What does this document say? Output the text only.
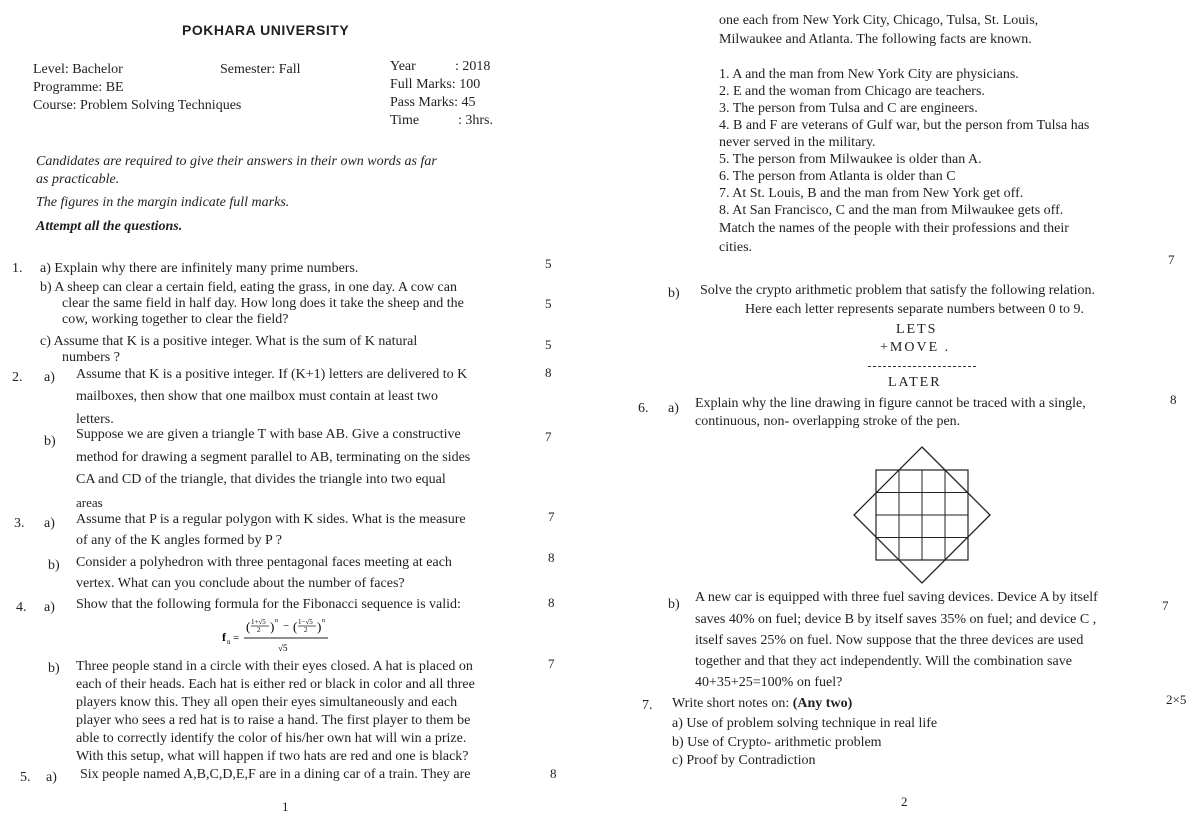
POKHARA UNIVERSITY
Level: Bachelor	Semester: Fall
Programme: BE
Course: Problem Solving Techniques
Year	: 2018
Full Marks: 100
Pass Marks: 45
Time	: 3hrs.
Candidates are required to give their answers in their own words as far
as practicable.
The figures in the margin indicate full marks.
Attempt all the questions.
1. a) Explain why there are infinitely many prime numbers.	5
b) A sheep can clear a certain field, eating the grass, in one day. A cow can
clear the same field in half day. How long does it take the sheep and the
cow, working together to clear the field?
5
c) Assume that K is a positive integer. What is the sum of K natural
numbers ?
5
2. a) Assume that K is a positive integer. If (K+1) letters are delivered to K
mailboxes, then show that one mailbox must contain at least two
letters.
8
b) Suppose we are given a triangle T with base AB. Give a constructive
method for drawing a segment parallel to AB, terminating on the sides
CA and CD of the triangle, that divides the triangle into two equal
areas
7
3. a) Assume that P is a regular polygon with K sides. What is the measure
of any of the K angles formed by P ?
7
b) Consider a polyhedron with three pentagonal faces meeting at each
vertex. What can you conclude about the number of faces?
8
4. a) Show that the following formula for the Fibonacci sequence is valid:	8
f n =
( 1+√5
2 ) n − ( 1−√5
2 ) n
√5
b) Three people stand in a circle with their eyes closed. A hat is placed on
each of their heads. Each hat is either red or black in color and all three
players know this. They all open their eyes simultaneously and each
player who sees a red hat is to raise a hand. The first player to them be
able to correctly identify the color of his/her own hat will win a prize.
With this setup, what will happen if two hats are red and one is black?
7
5. a) Six people named A,B,C,D,E,F are in a dining car of a train. They are	8
1
one each from New York City, Chicago, Tulsa, St. Louis,
Milwaukee and Atlanta. The following facts are known.
1. A and the man from New York City are physicians.
2. E and the woman from Chicago are teachers.
3. The person from Tulsa and C are engineers.
4. B and F are veterans of Gulf war, but the person from Tulsa has
never served in the military.
5. The person from Milwaukee is older than A.
6. The person from Atlanta is older than C
7. At St. Louis, B and the man from New York get off.
8. At San Francisco, C and the man from Milwaukee gets off.
Match the names of the people with their professions and their
cities.
7
b) Solve the crypto arithmetic problem that satisfy the following relation.
Here each letter represents separate numbers between 0 to 9.
LETS
+MOVE .
LATER
6. a) Explain why the line drawing in figure cannot be traced with a single,
continuous, non- overlapping stroke of the pen.
8
b) A new car is equipped with three fuel saving devices. Device A by itself
saves 40% on fuel; device B by itself saves 35% on fuel; and device C ,
itself saves 25% on fuel. Now suppose that the three devices are used
together and that they act independently. Will the combination save
40+35+25=100% on fuel?
7
7. Write short notes on: (Any two)	2×5
a) Use of problem solving technique in real life
b) Use of Crypto- arithmetic problem
c) Proof by Contradiction
2
